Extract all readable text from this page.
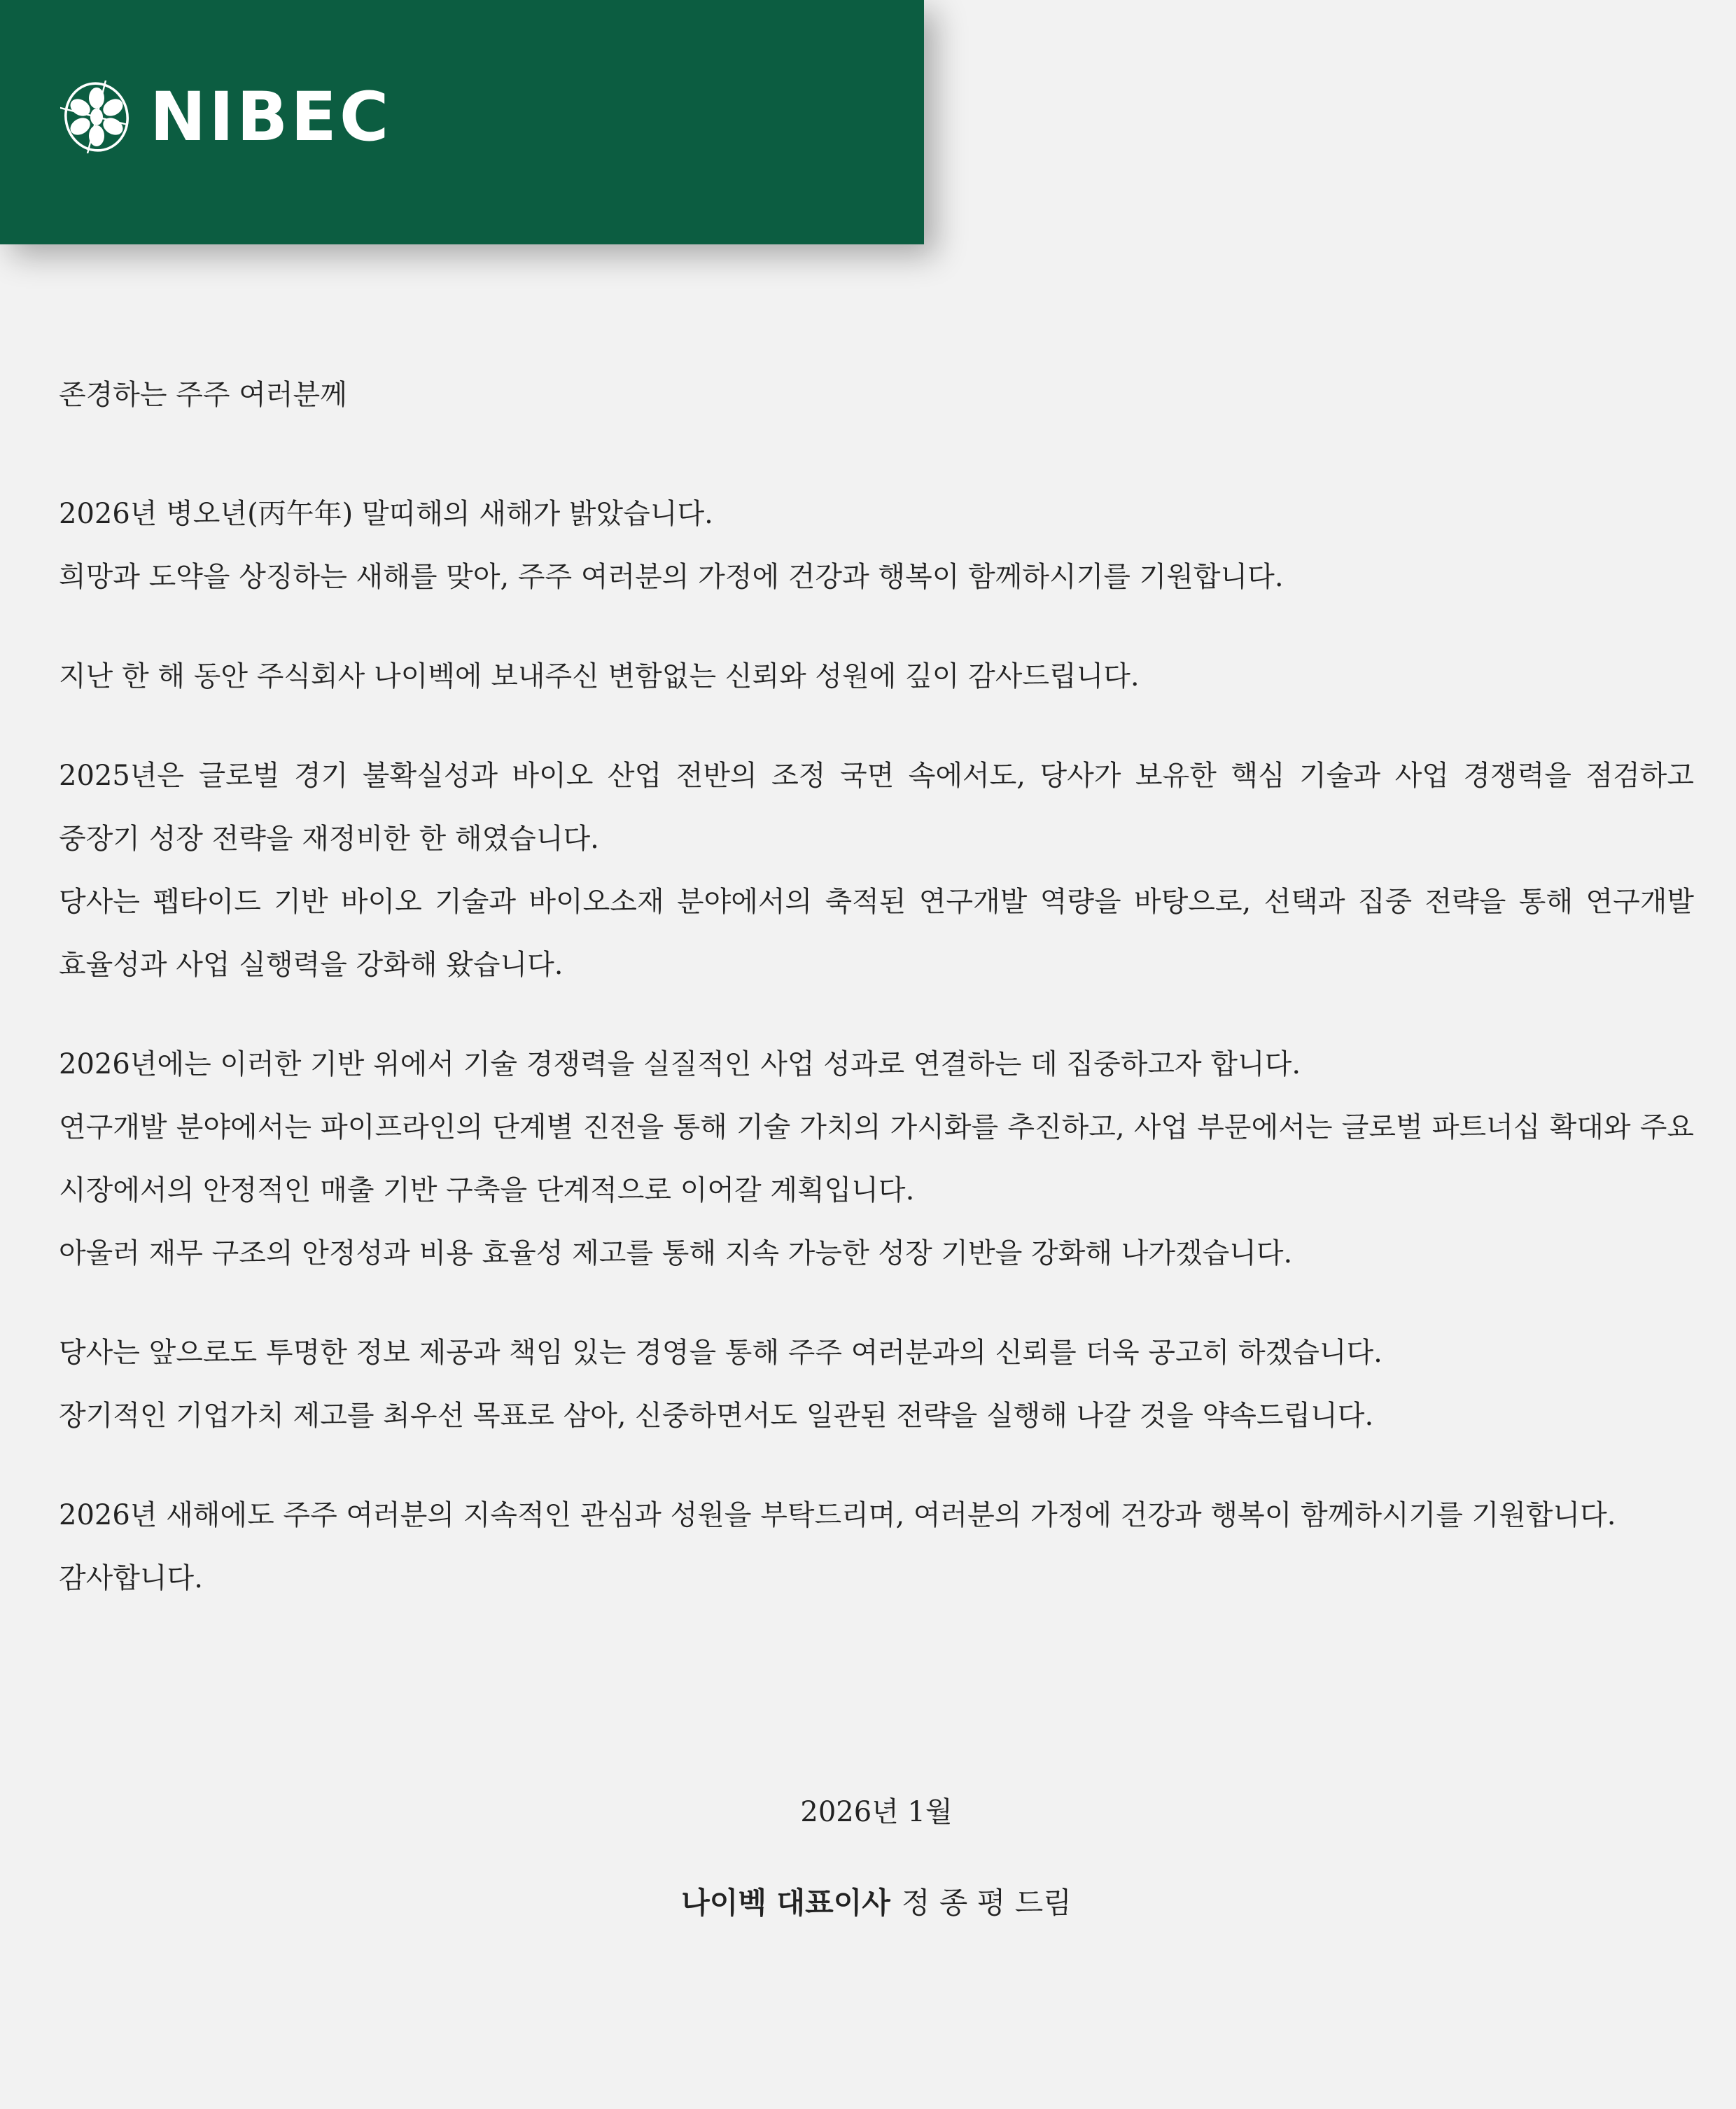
NIBEC

존경하는 주주 여러분께

2026년 병오년(丙午年) 말띠해의 새해가 밝았습니다.
희망과 도약을 상징하는 새해를 맞아, 주주 여러분의 가정에 건강과 행복이 함께하시기를 기원합니다.

지난 한 해 동안 주식회사 나이벡에 보내주신 변함없는 신뢰와 성원에 깊이 감사드립니다.

2025년은 글로벌 경기 불확실성과 바이오 산업 전반의 조정 국면 속에서도, 당사가 보유한 핵심 기술과 사업 경쟁력을 점검하고 중장기 성장 전략을 재정비한 한 해였습니다.
당사는 펩타이드 기반 바이오 기술과 바이오소재 분야에서의 축적된 연구개발 역량을 바탕으로, 선택과 집중 전략을 통해 연구개발 효율성과 사업 실행력을 강화해 왔습니다.

2026년에는 이러한 기반 위에서 기술 경쟁력을 실질적인 사업 성과로 연결하는 데 집중하고자 합니다.
연구개발 분야에서는 파이프라인의 단계별 진전을 통해 기술 가치의 가시화를 추진하고, 사업 부문에서는 글로벌 파트너십 확대와 주요 시장에서의 안정적인 매출 기반 구축을 단계적으로 이어갈 계획입니다.
아울러 재무 구조의 안정성과 비용 효율성 제고를 통해 지속 가능한 성장 기반을 강화해 나가겠습니다.

당사는 앞으로도 투명한 정보 제공과 책임 있는 경영을 통해 주주 여러분과의 신뢰를 더욱 공고히 하겠습니다.
장기적인 기업가치 제고를 최우선 목표로 삼아, 신중하면서도 일관된 전략을 실행해 나갈 것을 약속드립니다.

2026년 새해에도 주주 여러분의 지속적인 관심과 성원을 부탁드리며, 여러분의 가정에 건강과 행복이 함께하시기를 기원합니다.
감사합니다.

2026년 1월
나이벡 대표이사 정 종 평 드림
